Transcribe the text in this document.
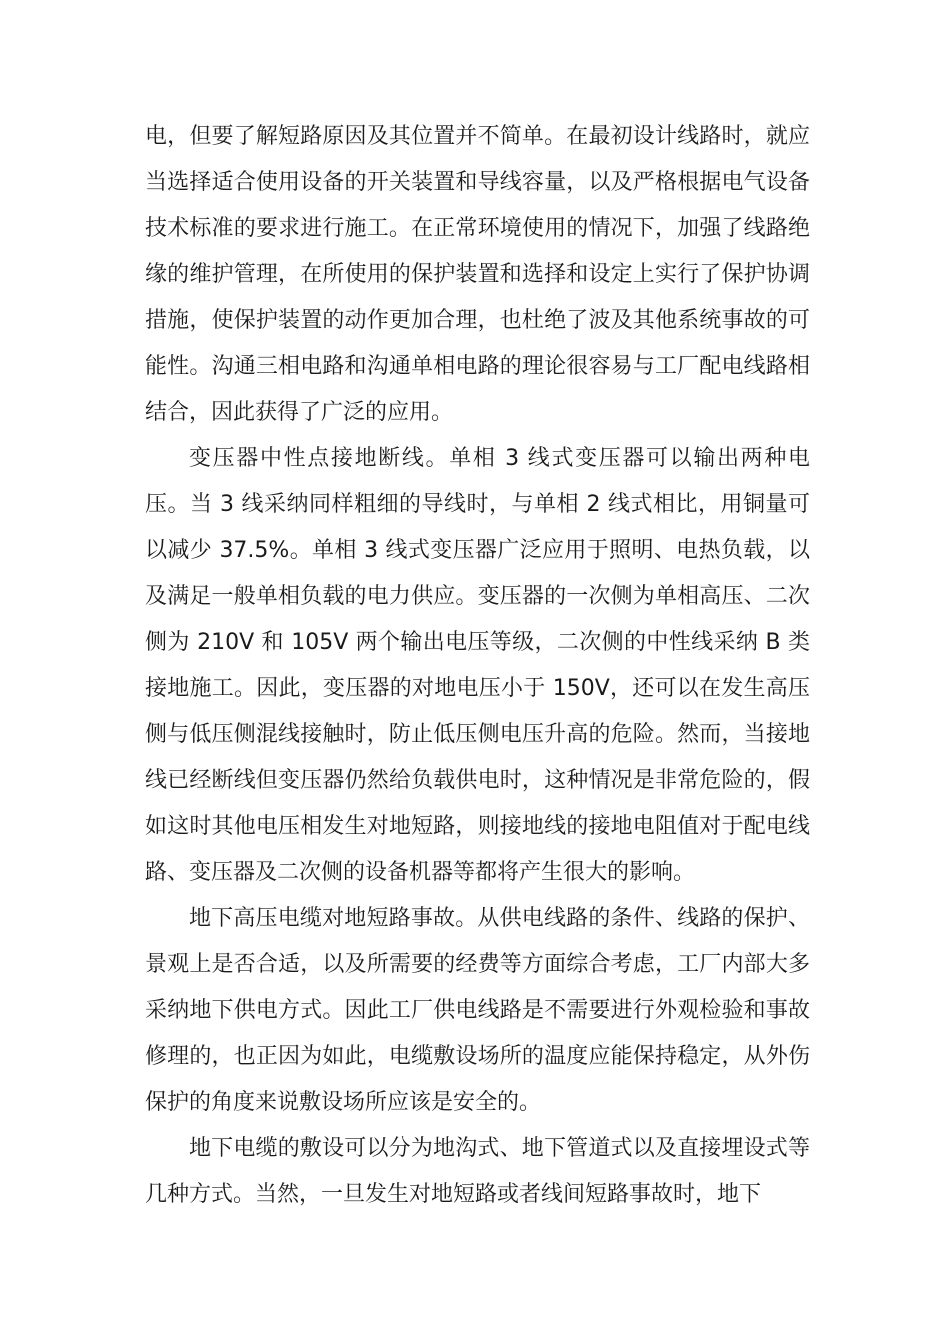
电，但要了解短路原因及其位置并不简单。在最初设计线路时，就应当选择适合使用设备的开关装置和导线容量，以及严格根据电气设备技术标准的要求进行施工。在正常环境使用的情况下，加强了线路绝缘的维护管理，在所使用的保护装置和选择和设定上实行了保护协调措施，使保护装置的动作更加合理，也杜绝了波及其他系统事故的可能性。沟通三相电路和沟通单相电路的理论很容易与工厂配电线路相结合，因此获得了广泛的应用。

变压器中性点接地断线。单相 3 线式变压器可以输出两种电压。当 3 线采纳同样粗细的导线时，与单相 2 线式相比，用铜量可以减少 37.5%。单相 3 线式变压器广泛应用于照明、电热负载，以及满足一般单相负载的电力供应。变压器的一次侧为单相高压、二次侧为 210V 和 105V 两个输出电压等级，二次侧的中性线采纳 B 类接地施工。因此，变压器的对地电压小于 150V，还可以在发生高压侧与低压侧混线接触时，防止低压侧电压升高的危险。然而，当接地线已经断线但变压器仍然给负载供电时，这种情况是非常危险的，假如这时其他电压相发生对地短路，则接地线的接地电阻值对于配电线路、变压器及二次侧的设备机器等都将产生很大的影响。

地下高压电缆对地短路事故。从供电线路的条件、线路的保护、景观上是否合适，以及所需要的经费等方面综合考虑，工厂内部大多采纳地下供电方式。因此工厂供电线路是不需要进行外观检验和事故修理的，也正因为如此，电缆敷设场所的温度应能保持稳定，从外伤保护的角度来说敷设场所应该是安全的。

地下电缆的敷设可以分为地沟式、地下管道式以及直接埋设式等几种方式。当然，一旦发生对地短路或者线间短路事故时，地下
